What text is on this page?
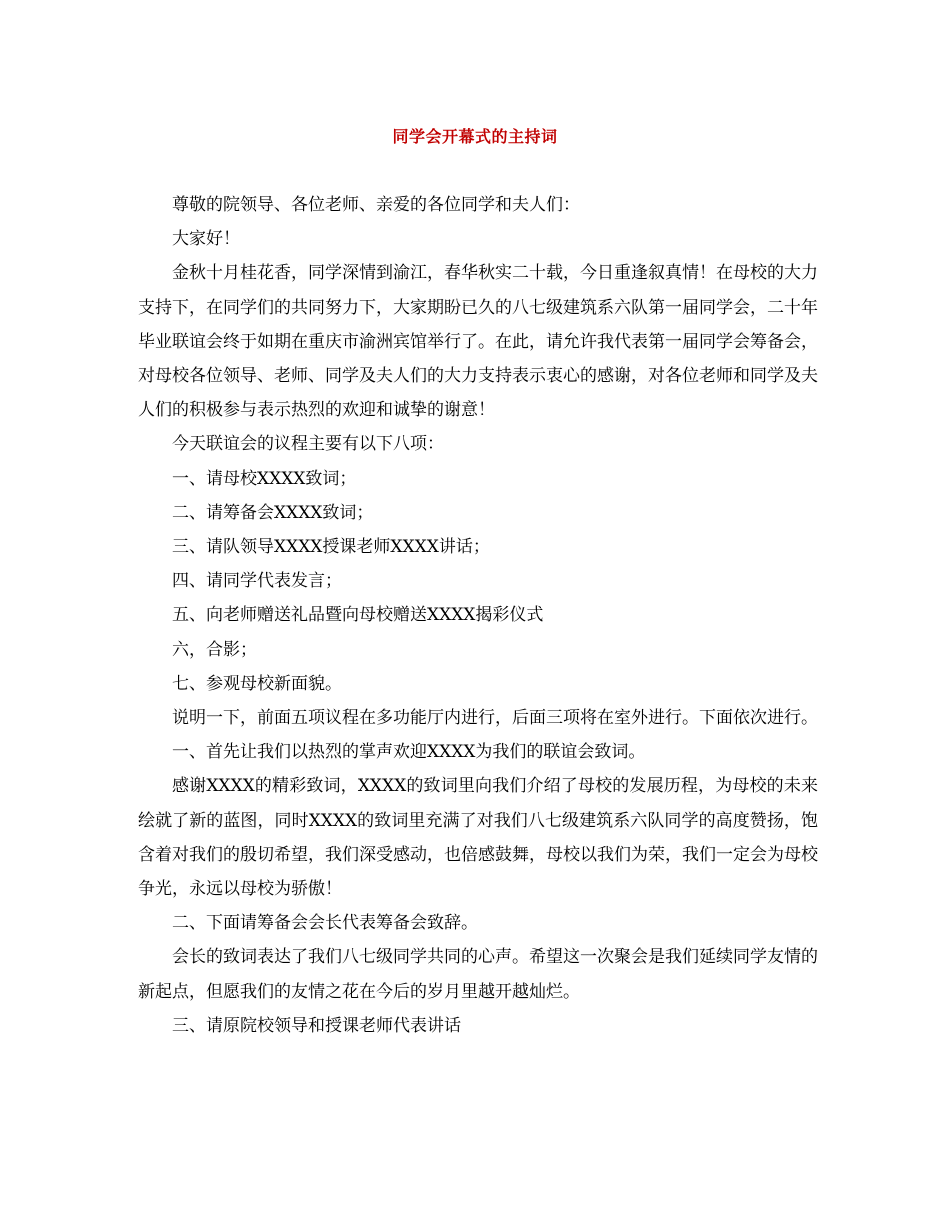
同学会开幕式的主持词

尊敬的院领导、各位老师、亲爱的各位同学和夫人们：

大家好！

金秋十月桂花香，同学深情到渝江，春华秋实二十载，今日重逢叙真情！在母校的大力支持下，在同学们的共同努力下，大家期盼已久的八七级建筑系六队第一届同学会，二十年毕业联谊会终于如期在重庆市渝洲宾馆举行了。在此，请允许我代表第一届同学会筹备会，对母校各位领导、老师、同学及夫人们的大力支持表示衷心的感谢，对各位老师和同学及夫人们的积极参与表示热烈的欢迎和诚挚的谢意！

今天联谊会的议程主要有以下八项：

一、请母校XXXX致词；

二、请筹备会XXXX致词；

三、请队领导XXXX授课老师XXXX讲话；

四、请同学代表发言；

五、向老师赠送礼品暨向母校赠送XXXX揭彩仪式

六，合影；

七、参观母校新面貌。

说明一下，前面五项议程在多功能厅内进行，后面三项将在室外进行。下面依次进行。

一、首先让我们以热烈的掌声欢迎XXXX为我们的联谊会致词。

感谢XXXX的精彩致词，XXXX的致词里向我们介绍了母校的发展历程，为母校的未来绘就了新的蓝图，同时XXXX的致词里充满了对我们八七级建筑系六队同学的高度赞扬，饱含着对我们的殷切希望，我们深受感动，也倍感鼓舞，母校以我们为荣，我们一定会为母校争光，永远以母校为骄傲！

二、下面请筹备会会长代表筹备会致辞。

会长的致词表达了我们八七级同学共同的心声。希望这一次聚会是我们延续同学友情的新起点，但愿我们的友情之花在今后的岁月里越开越灿烂。

三、请原院校领导和授课老师代表讲话
